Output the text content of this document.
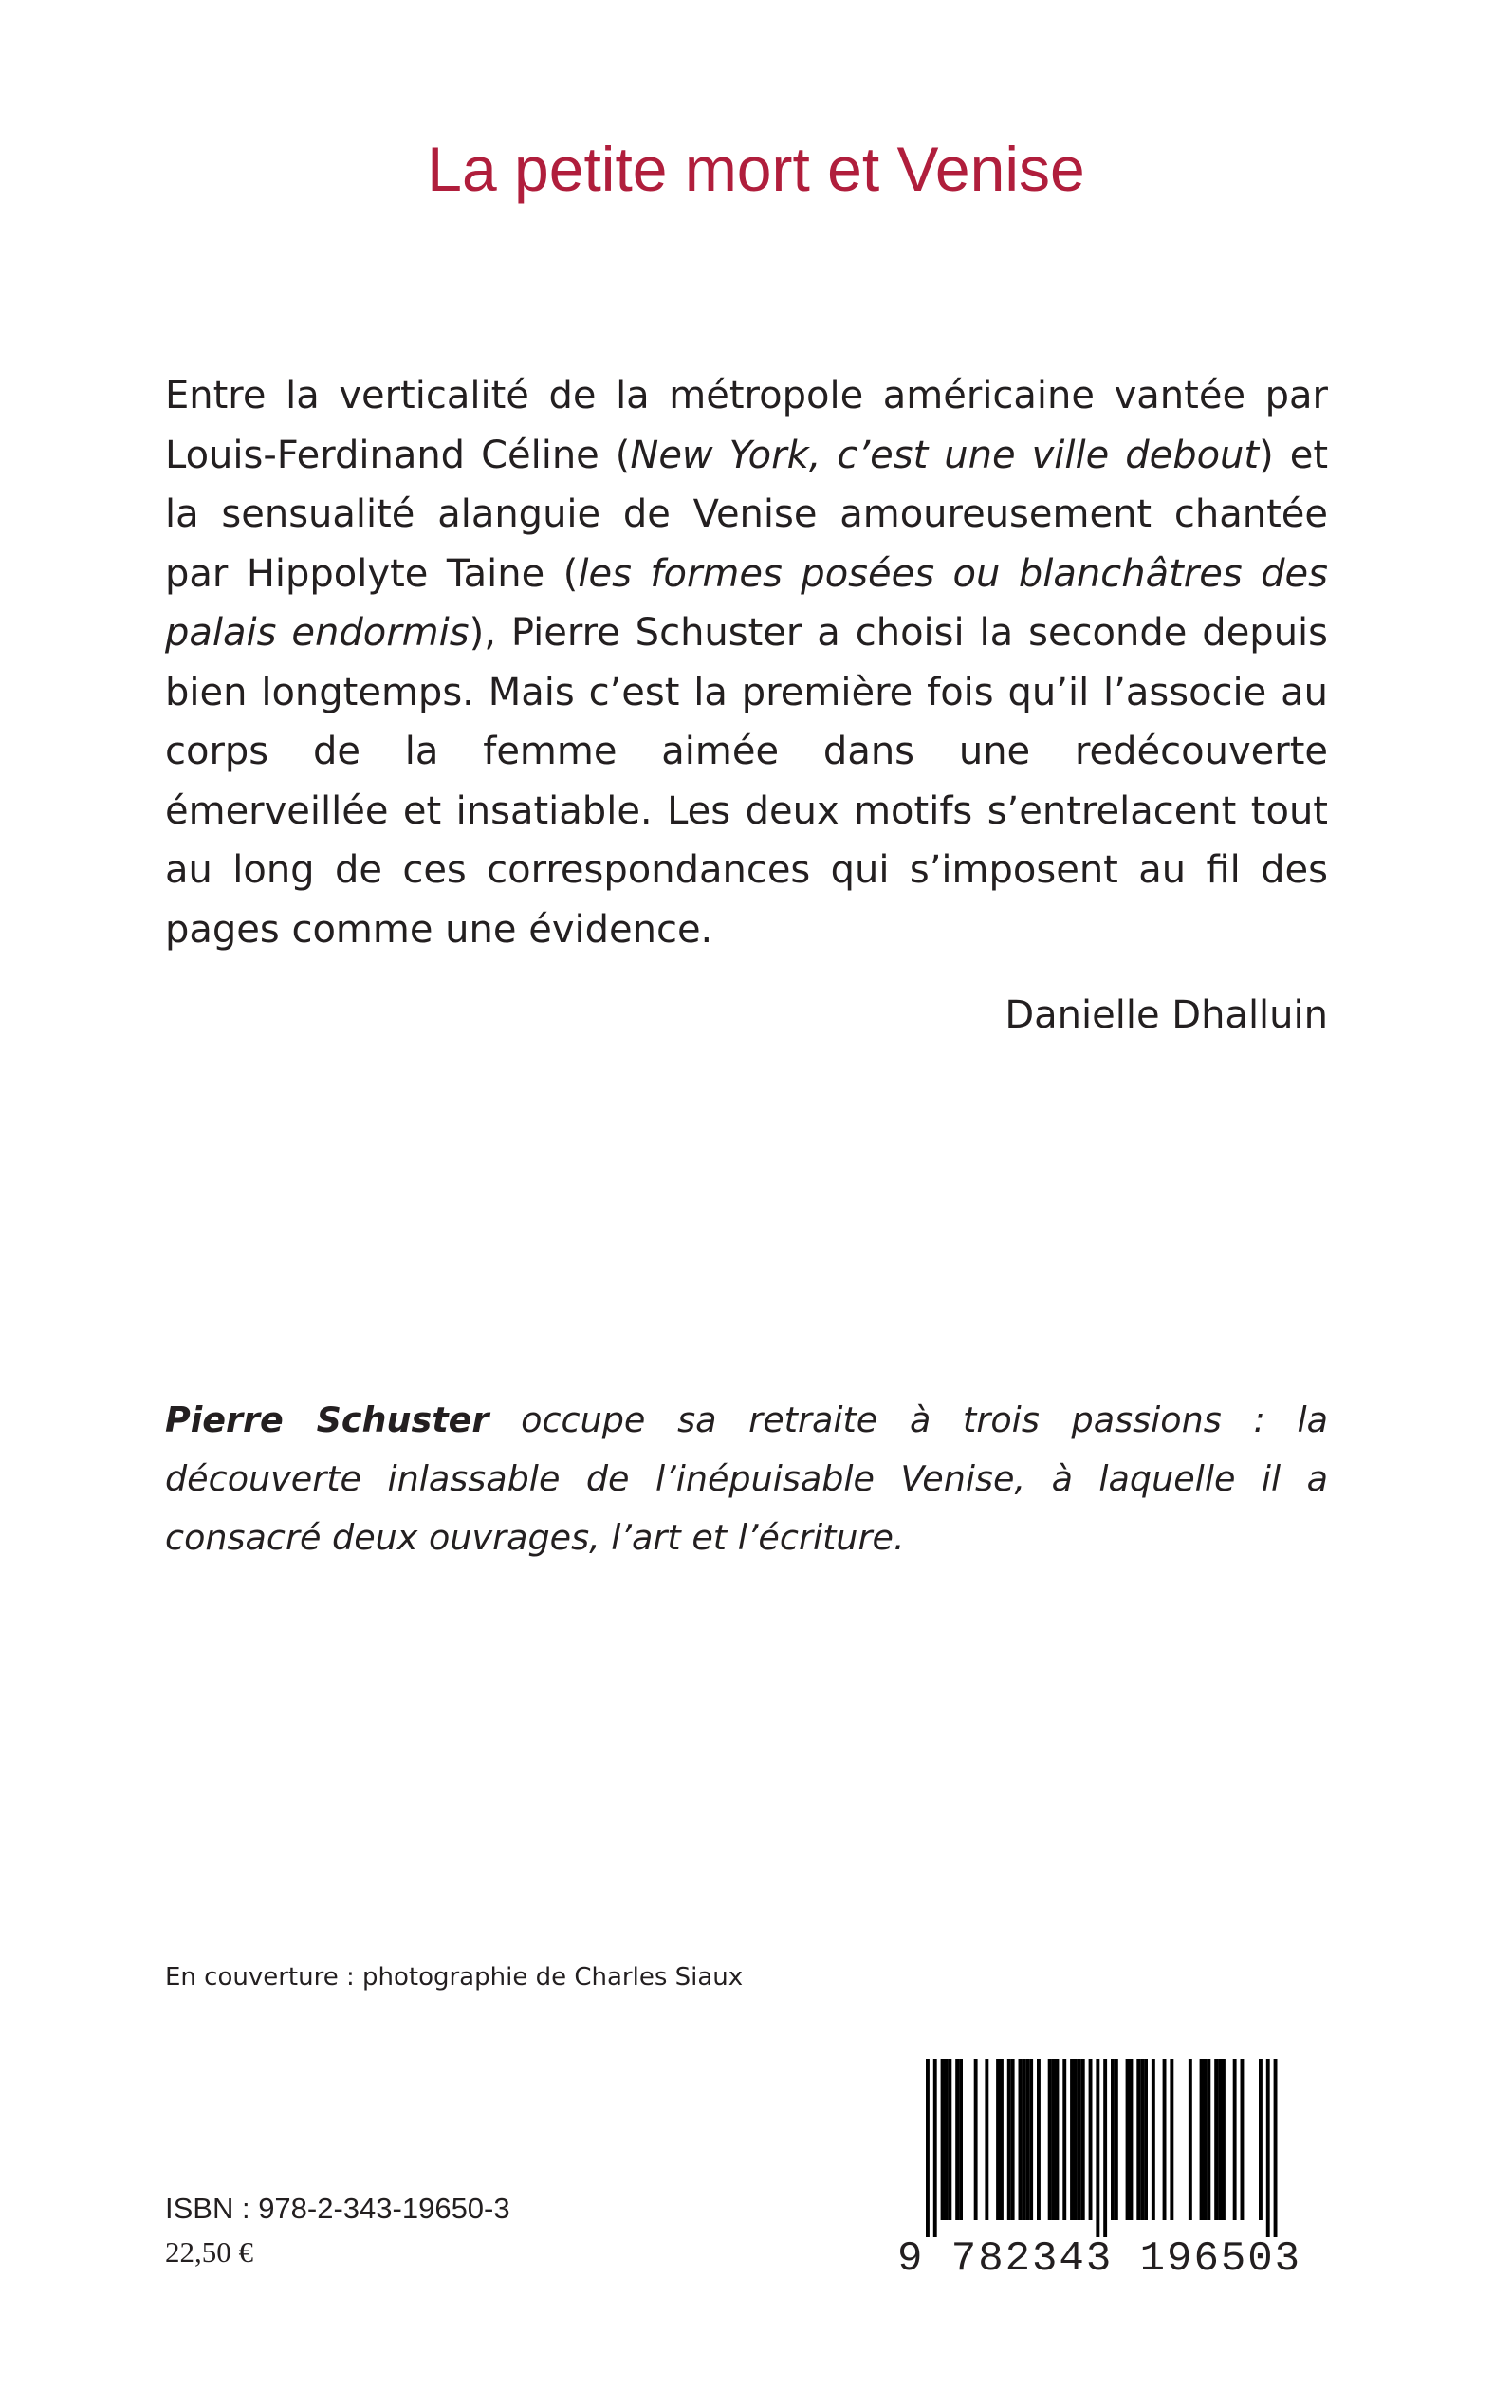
La petite mort et Venise

Entre la verticalité de la métropole américaine vantée par Louis-Ferdinand Céline (New York, c’est une ville debout) et la sensualité alanguie de Venise amoureusement chantée par Hippolyte Taine (les formes posées ou blanchâtres des palais endormis), Pierre Schuster a choisi la seconde depuis bien longtemps. Mais c’est la première fois qu’il l’associe au corps de la femme aimée dans une redécouverte émerveillée et insatiable. Les deux motifs s’entrelacent tout au long de ces correspondances qui s’imposent au fil des pages comme une évidence.

Danielle Dhalluin

Pierre Schuster occupe sa retraite à trois passions : la découverte inlassable de l’inépuisable Venise, à laquelle il a consacré deux ouvrages, l’art et l’écriture.

En couverture : photographie de Charles Siaux

ISBN : 978-2-343-19650-3

22,50 €	9 782343 196503
